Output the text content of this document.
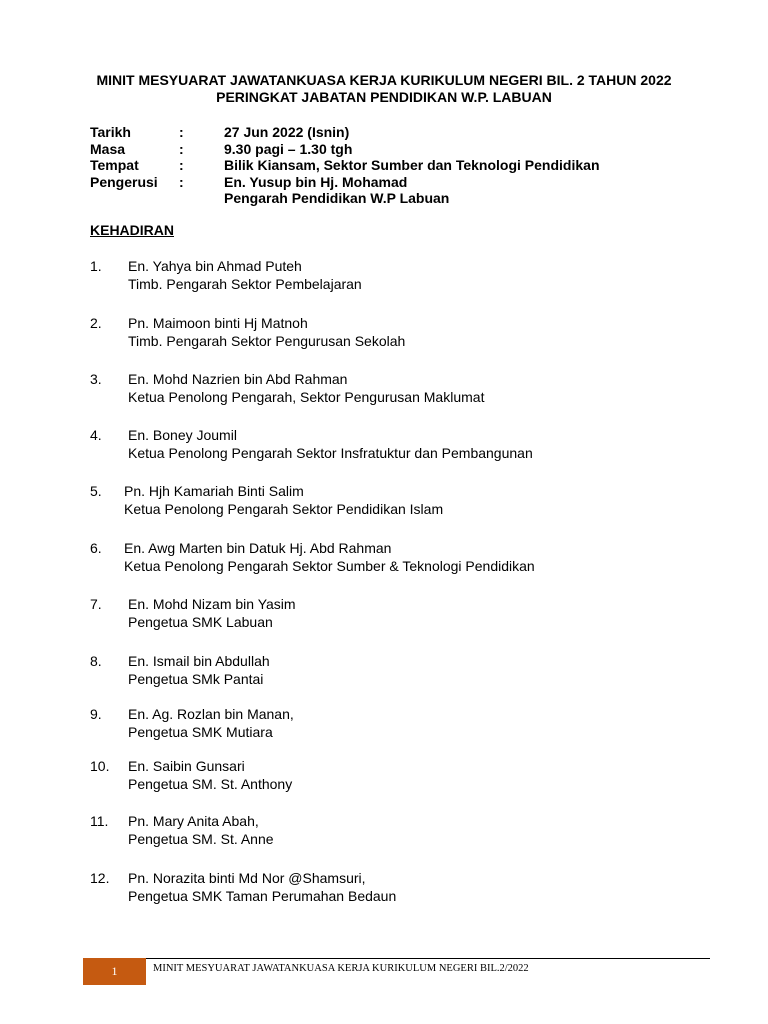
MINIT MESYUARAT JAWATANKUASA KERJA KURIKULUM NEGERI BIL. 2 TAHUN 2022
PERINGKAT JABATAN PENDIDIKAN W.P. LABUAN
Tarikh	:	27 Jun 2022 (Isnin)
Masa	:	9.30 pagi – 1.30 tgh
Tempat	:	Bilik Kiansam, Sektor Sumber dan Teknologi Pendidikan
Pengerusi :	En. Yusup bin Hj. Mohamad
Pengarah Pendidikan W.P Labuan
KEHADIRAN
1. En. Yahya bin Ahmad Puteh
Timb. Pengarah Sektor Pembelajaran
2. Pn. Maimoon binti Hj Matnoh
Timb. Pengarah Sektor Pengurusan Sekolah
3. En. Mohd Nazrien bin Abd Rahman
Ketua Penolong Pengarah, Sektor Pengurusan Maklumat
4. En. Boney Joumil
Ketua Penolong Pengarah Sektor Insfratuktur dan Pembangunan
5. Pn. Hjh Kamariah Binti Salim
Ketua Penolong Pengarah Sektor Pendidikan Islam
6. En. Awg Marten bin Datuk Hj. Abd Rahman
Ketua Penolong Pengarah Sektor Sumber & Teknologi Pendidikan
7. En. Mohd Nizam bin Yasim
Pengetua SMK Labuan
8. En. Ismail bin Abdullah
Pengetua SMk Pantai
9. En. Ag. Rozlan bin Manan,
Pengetua SMK Mutiara
10. En. Saibin Gunsari
Pengetua SM. St. Anthony
11. Pn. Mary Anita Abah,
Pengetua SM. St. Anne
12. Pn. Norazita binti Md Nor @Shamsuri,
Pengetua SMK Taman Perumahan Bedaun
1	MINIT MESYUARAT JAWATANKUASA KERJA KURIKULUM NEGERI BIL.2/2022
